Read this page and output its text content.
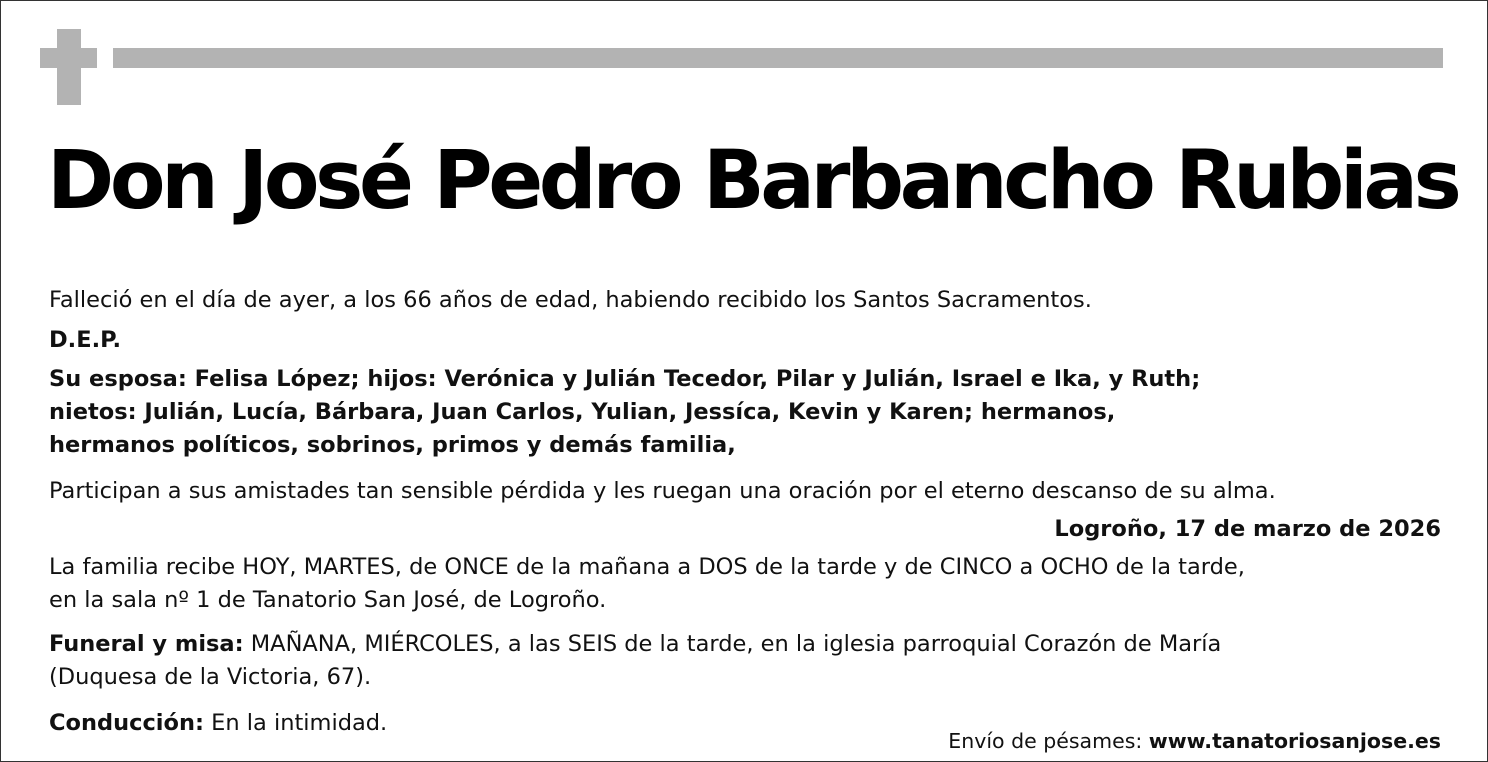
Don José Pedro Barbancho Rubias

Falleció en el día de ayer, a los 66 años de edad, habiendo recibido los Santos Sacramentos.

D.E.P.

Su esposa: Felisa López; hijos: Verónica y Julián Tecedor, Pilar y Julián, Israel e Ika, y Ruth;

nietos: Julián, Lucía, Bárbara, Juan Carlos, Yulian, Jessíca, Kevin y Karen; hermanos,

hermanos políticos, sobrinos, primos y demás familia,

Participan a sus amistades tan sensible pérdida y les ruegan una oración por el eterno descanso de su alma.

Logroño, 17 de marzo de 2026

La familia recibe HOY, MARTES, de ONCE de la mañana a DOS de la tarde y de CINCO a OCHO de la tarde,

en la sala nº 1 de Tanatorio San José, de Logroño.

Funeral y misa: MAÑANA, MIÉRCOLES, a las SEIS de la tarde, en la iglesia parroquial Corazón de María

(Duquesa de la Victoria, 67).

Conducción: En la intimidad.

Envío de pésames: www.tanatoriosanjose.es
